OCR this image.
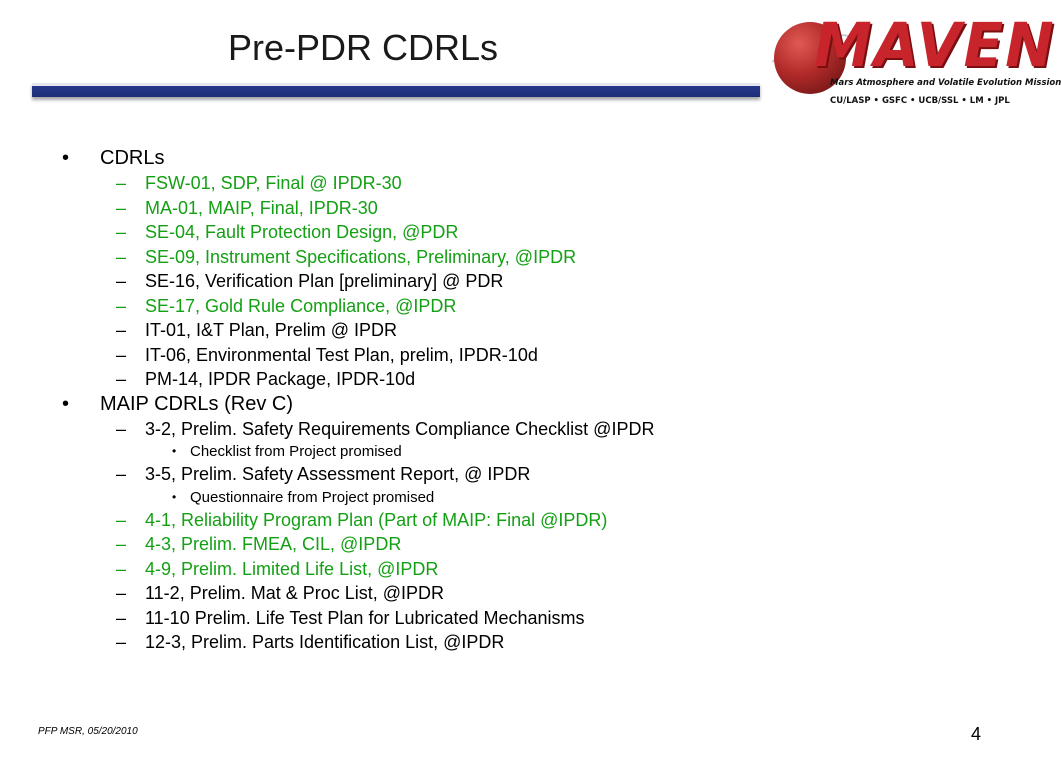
Pre-PDR CDRLs	MAVEN
Mars Atmosphere and Volatile Evolution Mission
CU/LASP • GSFC • UCB/SSL • LM • JPL
• CDRLs
– FSW-01, SDP, Final @ IPDR-30
– MA-01, MAIP, Final, IPDR-30
– SE-04, Fault Protection Design, @PDR
– SE-09, Instrument Specifications, Preliminary, @IPDR
– SE-16, Verification Plan [preliminary] @ PDR
– SE-17, Gold Rule Compliance, @IPDR
– IT-01, I&T Plan, Prelim @ IPDR
– IT-06, Environmental Test Plan, prelim, IPDR-10d
– PM-14, IPDR Package, IPDR-10d
• MAIP CDRLs (Rev C)
– 3-2, Prelim. Safety Requirements Compliance Checklist @IPDR
• Checklist from Project promised
– 3-5, Prelim. Safety Assessment Report, @ IPDR
• Questionnaire from Project promised
– 4-1, Reliability Program Plan (Part of MAIP: Final @IPDR)
– 4-3, Prelim. FMEA, CIL, @IPDR
– 4-9, Prelim. Limited Life List, @IPDR
– 11-2, Prelim. Mat & Proc List, @IPDR
– 11-10 Prelim. Life Test Plan for Lubricated Mechanisms
– 12-3, Prelim. Parts Identification List, @IPDR
PFP MSR, 05/20/2010	4
